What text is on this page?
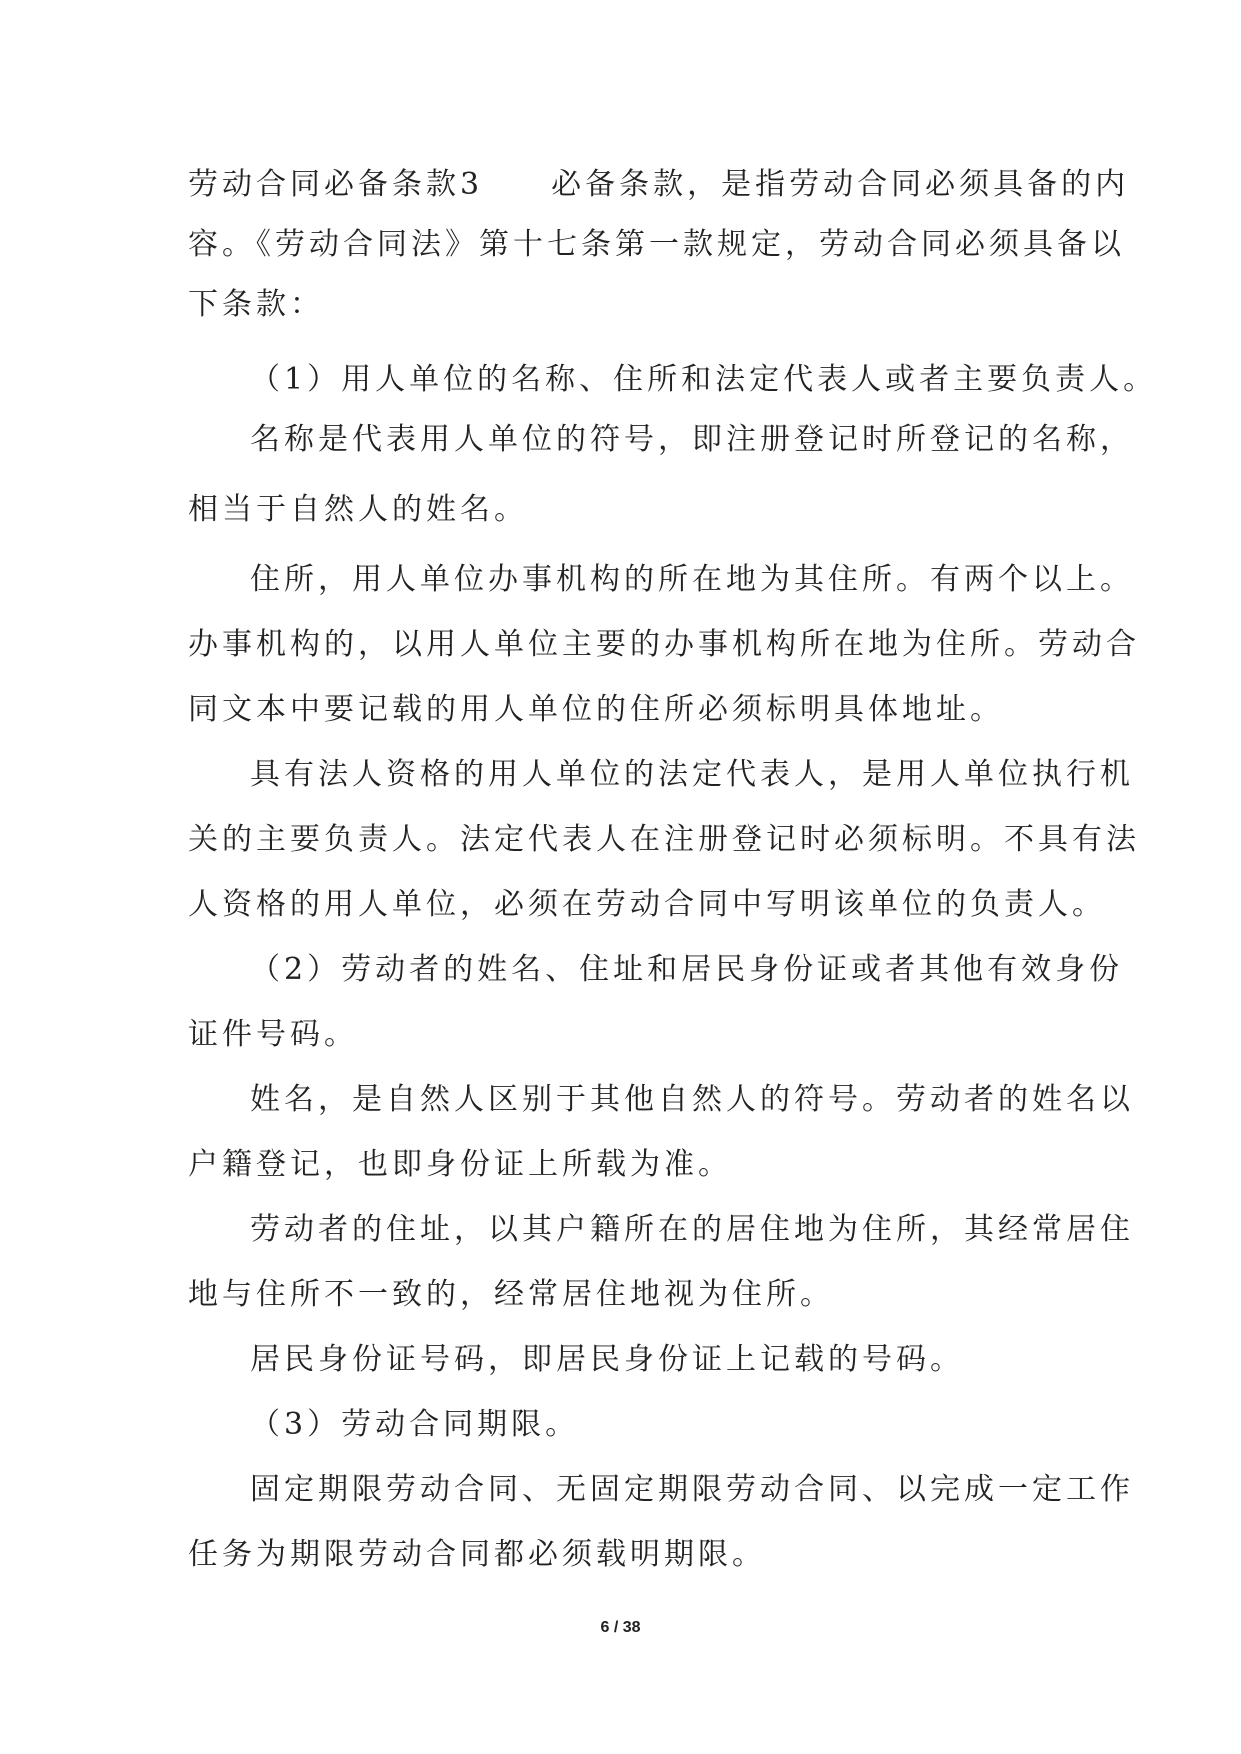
劳动合同必备条款3　　必备条款，是指劳动合同必须具备的内
容。《劳动合同法》第十七条第一款规定，劳动合同必须具备以
下条款：
（1）用人单位的名称、住所和法定代表人或者主要负责人。
名称是代表用人单位的符号，即注册登记时所登记的名称，
相当于自然人的姓名。
住所，用人单位办事机构的所在地为其住所。有两个以上。
办事机构的，以用人单位主要的办事机构所在地为住所。劳动合
同文本中要记载的用人单位的住所必须标明具体地址。
具有法人资格的用人单位的法定代表人，是用人单位执行机
关的主要负责人。法定代表人在注册登记时必须标明。不具有法
人资格的用人单位，必须在劳动合同中写明该单位的负责人。
（2）劳动者的姓名、住址和居民身份证或者其他有效身份
证件号码。
姓名，是自然人区别于其他自然人的符号。劳动者的姓名以
户籍登记，也即身份证上所载为准。
劳动者的住址，以其户籍所在的居住地为住所，其经常居住
地与住所不一致的，经常居住地视为住所。
居民身份证号码，即居民身份证上记载的号码。
（3）劳动合同期限。
固定期限劳动合同、无固定期限劳动合同、以完成一定工作
任务为期限劳动合同都必须载明期限。
6 / 38
